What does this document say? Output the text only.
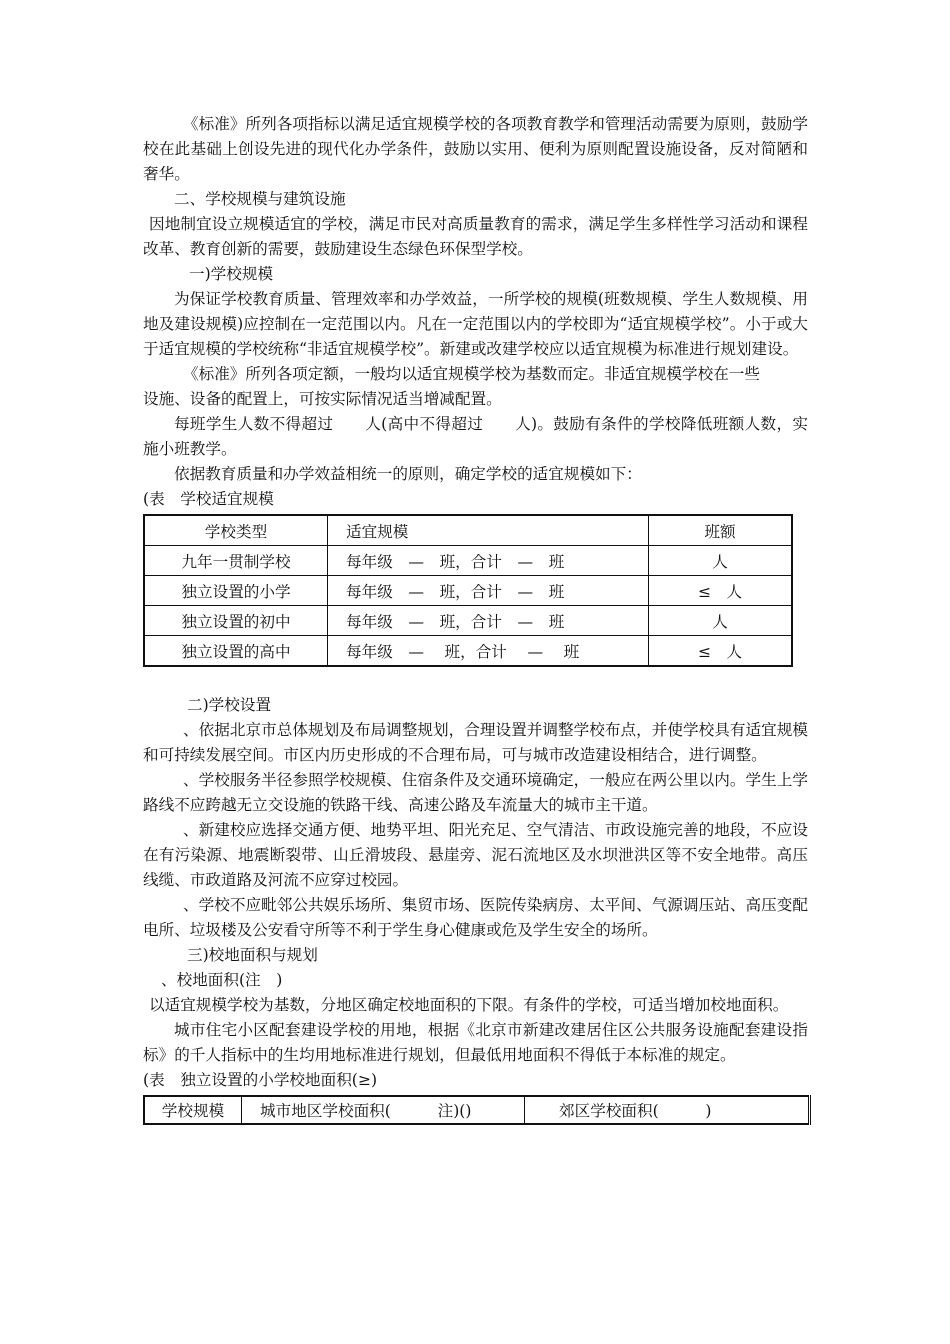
《标准》所列各项指标以满足适宜规模学校的各项教育教学和管理活动需要为原则，鼓励学校在此基础上创设先进的现代化办学条件，鼓励以实用、便利为原则配置设施设备，反对简陋和奢华。

二、学校规模与建筑设施

因地制宜设立规模适宜的学校，满足市民对高质量教育的需求，满足学生多样性学习活动和课程改革、教育创新的需要，鼓励建设生态绿色环保型学校。

一)学校规模

为保证学校教育质量、管理效率和办学效益，一所学校的规模(班数规模、学生人数规模、用地及建设规模)应控制在一定范围以内。凡在一定范围以内的学校即为“适宜规模学校”。小于或大于适宜规模的学校统称“非适宜规模学校”。新建或改建学校应以适宜规模为标准进行规划建设。

《标准》所列各项定额，一般均以适宜规模学校为基数而定。非适宜规模学校在一些

设施、设备的配置上，可按实际情况适当增减配置。

每班学生人数不得超过　　人(高中不得超过　　人)。鼓励有条件的学校降低班额人数，实施小班教学。

依据教育质量和办学效益相统一的原则，确定学校的适宜规模如下：

(表　学校适宜规模

学校类型	适宜规模	班额
九年一贯制学校	每年级　—　班，合计　—　班	人
独立设置的小学	每年级　—　班，合计　—　班	≤　人
独立设置的初中	每年级　—　班，合计　—　班	人
独立设置的高中	每年级　—　 班，合计　 —　 班	≤　人

二)学校设置

、依据北京市总体规划及布局调整规划，合理设置并调整学校布点，并使学校具有适宜规模和可持续发展空间。市区内历史形成的不合理布局，可与城市改造建设相结合，进行调整。

、学校服务半径参照学校规模、住宿条件及交通环境确定，一般应在两公里以内。学生上学路线不应跨越无立交设施的铁路干线、高速公路及车流量大的城市主干道。

、新建校应选择交通方便、地势平坦、阳光充足、空气清洁、市政设施完善的地段，不应设在有污染源、地震断裂带、山丘滑坡段、悬崖旁、泥石流地区及水坝泄洪区等不安全地带。高压线缆、市政道路及河流不应穿过校园。

、学校不应毗邻公共娱乐场所、集贸市场、医院传染病房、太平间、气源调压站、高压变配电所、垃圾楼及公安看守所等不利于学生身心健康或危及学生安全的场所。

三)校地面积与规划

、校地面积(注　)

以适宜规模学校为基数，分地区确定校地面积的下限。有条件的学校，可适当增加校地面积。

城市住宅小区配套建设学校的用地，根据《北京市新建改建居住区公共服务设施配套建设指标》的千人指标中的生均用地标准进行规划，但最低用地面积不得低于本标准的规定。

(表　独立设置的小学校地面积(≥)

学校规模	城市地区学校面积(　　　注)()	郊区学校面积(　　　)
